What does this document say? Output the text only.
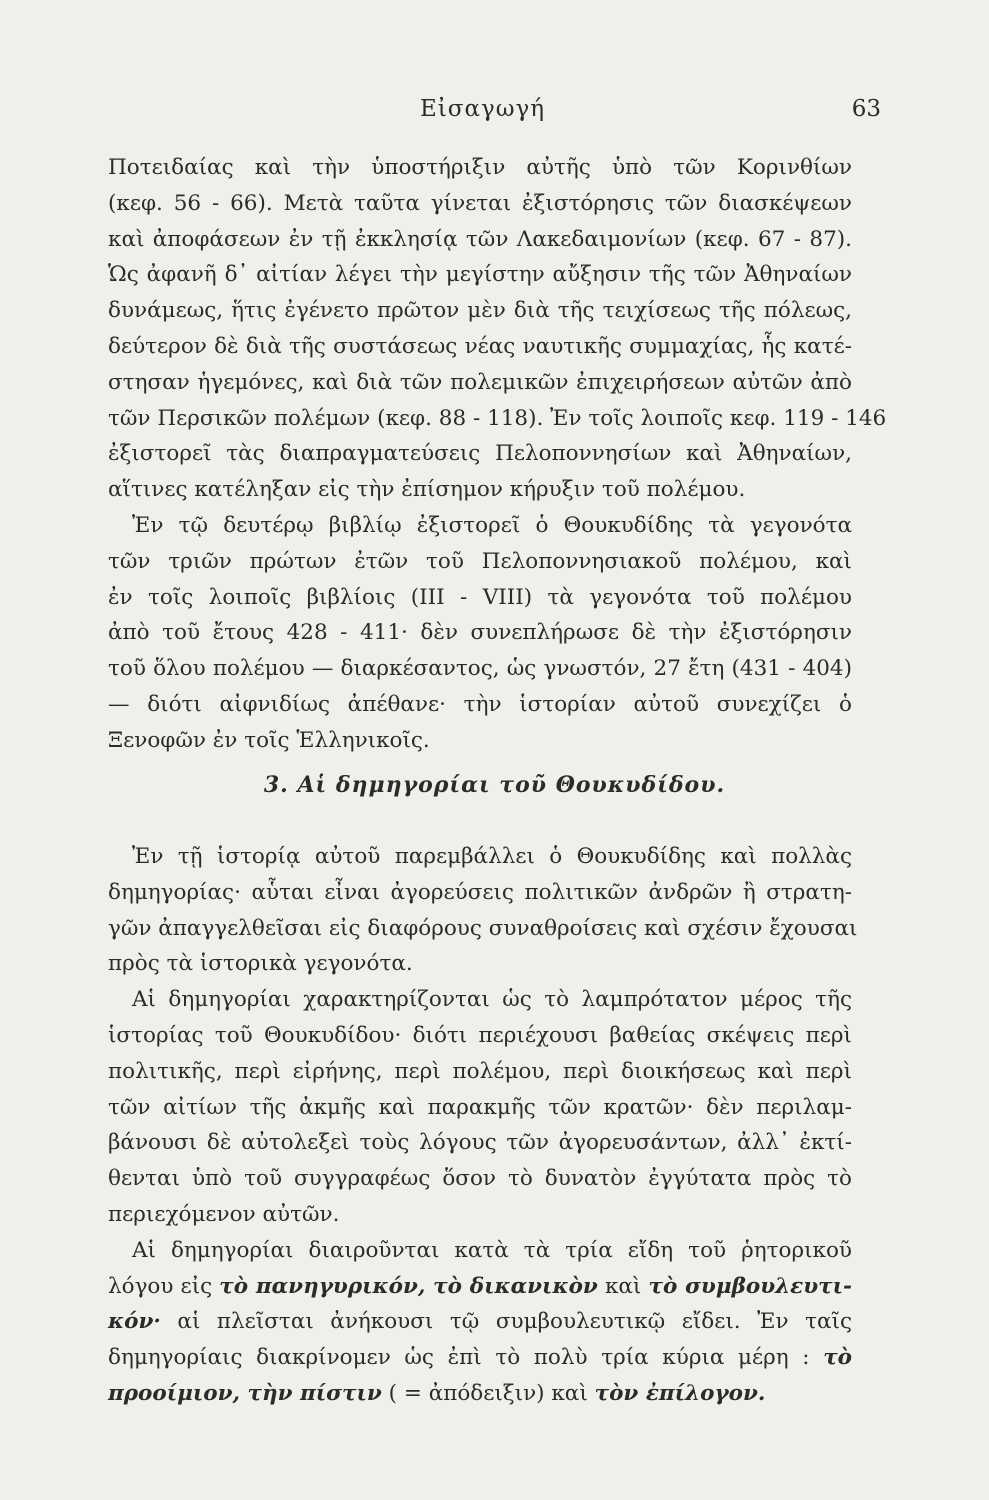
Εἰσαγωγή	63
Ποτειδαίας καὶ τὴν ὑποστήριξιν αὐτῆς ὑπὸ τῶν Κορινθίων
(κεφ. 56 - 66). Μετὰ ταῦτα γίνεται ἐξιστόρησις τῶν διασκέψεων
καὶ ἀποφάσεων ἐν τῇ ἐκκλησίᾳ τῶν Λακεδαιμονίων (κεφ. 67 - 87).
Ὡς ἀφανῆ δ᾽ αἰτίαν λέγει τὴν μεγίστην αὔξησιν τῆς τῶν Ἀθηναίων
δυνάμεως, ἥτις ἐγένετο πρῶτον μὲν διὰ τῆς τειχίσεως τῆς πόλεως,
δεύτερον δὲ διὰ τῆς συστάσεως νέας ναυτικῆς συμμαχίας, ἧς κατέ-
στησαν ἡγεμόνες, καὶ διὰ τῶν πολεμικῶν ἐπιχειρήσεων αὐτῶν ἀπὸ
τῶν Περσικῶν πολέμων (κεφ. 88 - 118). Ἐν τοῖς λοιποῖς κεφ. 119 - 146
ἐξιστορεῖ τὰς διαπραγματεύσεις Πελοποννησίων καὶ Ἀθηναίων,
αἵτινες κατέληξαν εἰς τὴν ἐπίσημον κήρυξιν τοῦ πολέμου.
Ἐν τῷ δευτέρῳ βιβλίῳ ἐξιστορεῖ ὁ Θουκυδίδης τὰ γεγονότα
τῶν τριῶν πρώτων ἐτῶν τοῦ Πελοποννησιακοῦ πολέμου, καὶ
ἐν τοῖς λοιποῖς βιβλίοις (III - VIII) τὰ γεγονότα τοῦ πολέμου
ἀπὸ τοῦ ἔτους 428 - 411· δὲν συνεπλήρωσε δὲ τὴν ἐξιστόρησιν
τοῦ ὅλου πολέμου — διαρκέσαντος, ὡς γνωστόν, 27 ἔτη (431 - 404)
— διότι αἰφνιδίως ἀπέθανε· τὴν ἱστορίαν αὐτοῦ συνεχίζει ὁ
Ξενοφῶν ἐν τοῖς Ἑλληνικοῖς.
3. Αἱ δημηγορίαι τοῦ Θουκυδίδου.
Ἐν τῇ ἱστορίᾳ αὐτοῦ παρεμβάλλει ὁ Θουκυδίδης καὶ πολλὰς
δημηγορίας· αὗται εἶναι ἀγορεύσεις πολιτικῶν ἀνδρῶν ἢ στρατη-
γῶν ἀπαγγελθεῖσαι εἰς διαφόρους συναθροίσεις καὶ σχέσιν ἔχουσαι
πρὸς τὰ ἱστορικὰ γεγονότα.
Αἱ δημηγορίαι χαρακτηρίζονται ὡς τὸ λαμπρότατον μέρος τῆς
ἱστορίας τοῦ Θουκυδίδου· διότι περιέχουσι βαθείας σκέψεις περὶ
πολιτικῆς, περὶ εἰρήνης, περὶ πολέμου, περὶ διοικήσεως καὶ περὶ
τῶν αἰτίων τῆς ἀκμῆς καὶ παρακμῆς τῶν κρατῶν· δὲν περιλαμ-
βάνουσι δὲ αὐτολεξεὶ τοὺς λόγους τῶν ἀγορευσάντων, ἀλλ᾽ ἐκτί-
θενται ὑπὸ τοῦ συγγραφέως ὅσον τὸ δυνατὸν ἐγγύτατα πρὸς τὸ
περιεχόμενον αὐτῶν.
Αἱ δημηγορίαι διαιροῦνται κατὰ τὰ τρία εἴδη τοῦ ῥητορικοῦ
λόγου εἰς τὸ πανηγυρικόν, τὸ δικανικὸν καὶ τὸ συμβουλευτι-
κόν· αἱ πλεῖσται ἀνήκουσι τῷ συμβουλευτικῷ εἴδει. Ἐν ταῖς
δημηγορίαις διακρίνομεν ὡς ἐπὶ τὸ πολὺ τρία κύρια μέρη : τὸ
προοίμιον, τὴν πίστιν ( = ἀπόδειξιν) καὶ τὸν ἐπίλογον.
